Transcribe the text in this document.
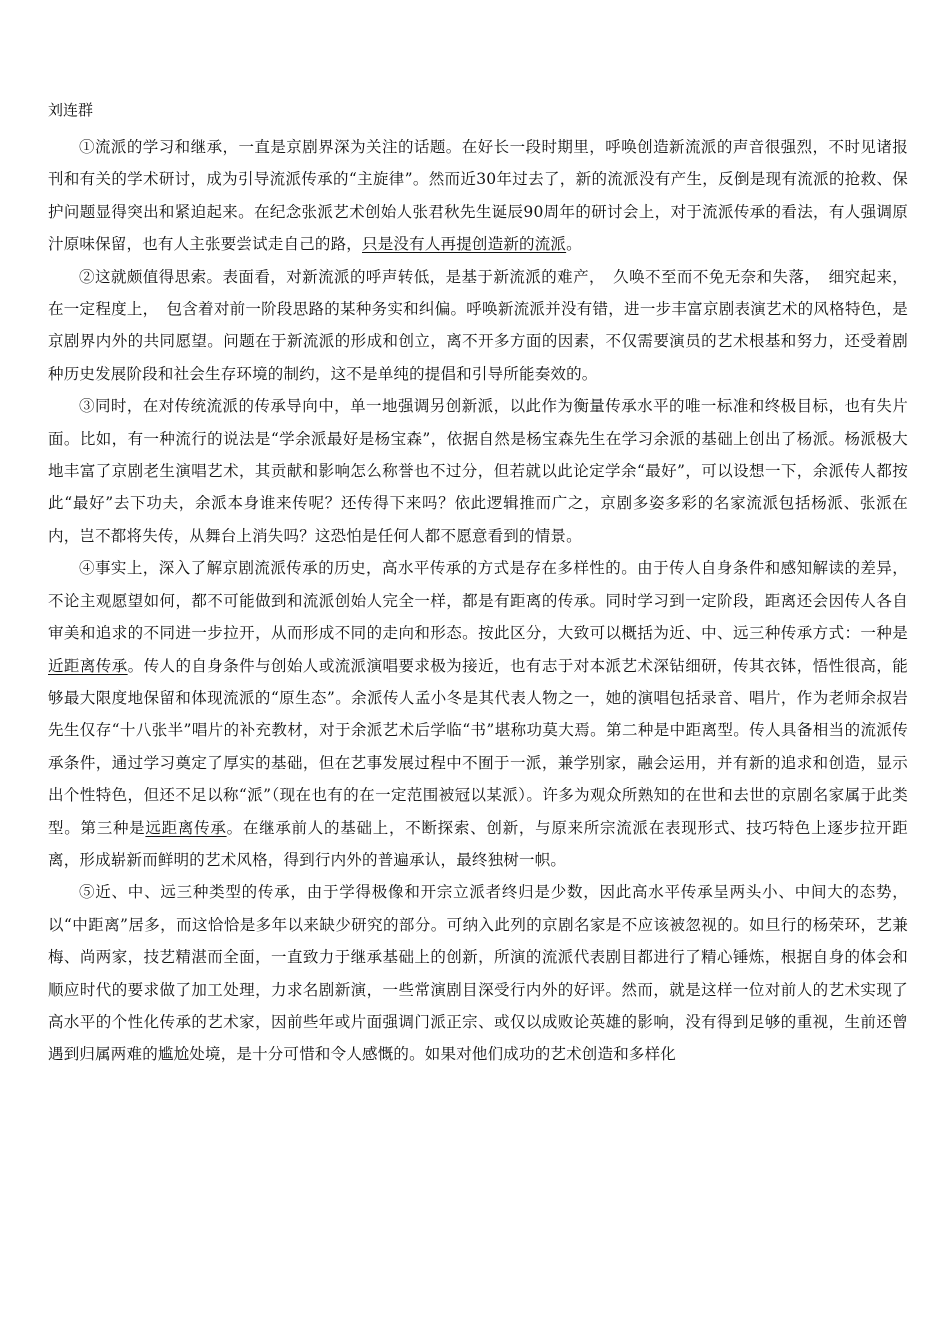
刘连群

①流派的学习和继承，一直是京剧界深为关注的话题。在好长一段时期里，呼唤创造新流派的声音很强烈，不时见诸报刊和有关的学术研讨，成为引导流派传承的“主旋律”。然而近30年过去了，新的流派没有产生，反倒是现有流派的抢救、保护问题显得突出和紧迫起来。在纪念张派艺术创始人张君秋先生诞辰90周年的研讨会上，对于流派传承的看法，有人强调原汁原味保留，也有人主张要尝试走自己的路，只是没有人再提创造新的流派。

②这就颇值得思索。表面看，对新流派的呼声转低，是基于新流派的难产，　久唤不至而不免无奈和失落，　细究起来，在一定程度上，　包含着对前一阶段思路的某种务实和纠偏。呼唤新流派并没有错，进一步丰富京剧表演艺术的风格特色，是京剧界内外的共同愿望。问题在于新流派的形成和创立，离不开多方面的因素，不仅需要演员的艺术根基和努力，还受着剧种历史发展阶段和社会生存环境的制约，这不是单纯的提倡和引导所能奏效的。

③同时，在对传统流派的传承导向中，单一地强调另创新派，以此作为衡量传承水平的唯一标准和终极目标，也有失片面。比如，有一种流行的说法是“学余派最好是杨宝森”，依据自然是杨宝森先生在学习余派的基础上创出了杨派。杨派极大地丰富了京剧老生演唱艺术，其贡献和影响怎么称誉也不过分，但若就以此论定学余“最好”，可以设想一下，余派传人都按此“最好”去下功夫，余派本身谁来传呢？还传得下来吗？依此逻辑推而广之，京剧多姿多彩的名家流派包括杨派、张派在内，岂不都将失传，从舞台上消失吗？这恐怕是任何人都不愿意看到的情景。

④事实上，深入了解京剧流派传承的历史，高水平传承的方式是存在多样性的。由于传人自身条件和感知解读的差异，不论主观愿望如何，都不可能做到和流派创始人完全一样，都是有距离的传承。同时学习到一定阶段，距离还会因传人各自审美和追求的不同进一步拉开，从而形成不同的走向和形态。按此区分，大致可以概括为近、中、远三种传承方式：一种是近距离传承。传人的自身条件与创始人或流派演唱要求极为接近，也有志于对本派艺术深钻细研，传其衣钵，悟性很高，能够最大限度地保留和体现流派的“原生态”。余派传人孟小冬是其代表人物之一，她的演唱包括录音、唱片，作为老师余叔岩先生仅存“十八张半”唱片的补充教材，对于余派艺术后学临“书”堪称功莫大焉。第二种是中距离型。传人具备相当的流派传承条件，通过学习奠定了厚实的基础，但在艺事发展过程中不囿于一派，兼学别家，融会运用，并有新的追求和创造，显示出个性特色，但还不足以称“派”（现在也有的在一定范围被冠以某派）。许多为观众所熟知的在世和去世的京剧名家属于此类型。第三种是远距离传承。在继承前人的基础上，不断探索、创新，与原来所宗流派在表现形式、技巧特色上逐步拉开距离，形成崭新而鲜明的艺术风格，得到行内外的普遍承认，最终独树一帜。

⑤近、中、远三种类型的传承，由于学得极像和开宗立派者终归是少数，因此高水平传承呈两头小、中间大的态势，以“中距离”居多，而这恰恰是多年以来缺少研究的部分。可纳入此列的京剧名家是不应该被忽视的。如旦行的杨荣环，艺兼梅、尚两家，技艺精湛而全面，一直致力于继承基础上的创新，所演的流派代表剧目都进行了精心锤炼，根据自身的体会和顺应时代的要求做了加工处理，力求名剧新演，一些常演剧目深受行内外的好评。然而，就是这样一位对前人的艺术实现了高水平的个性化传承的艺术家，因前些年或片面强调门派正宗、或仅以成败论英雄的影响，没有得到足够的重视，生前还曾遇到归属两难的尴尬处境，是十分可惜和令人感慨的。如果对他们成功的艺术创造和多样化
